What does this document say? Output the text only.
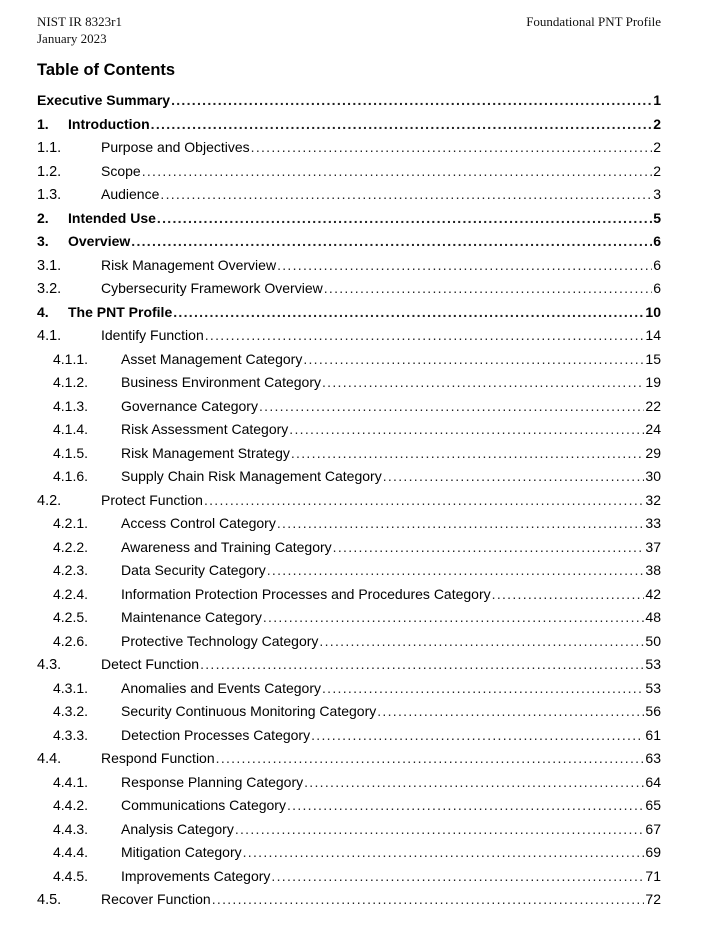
NIST IR 8323r1
January 2023
Foundational PNT Profile
Table of Contents
Executive Summary . . .	1
1.	Introduction . . .	2
1.1.	Purpose and Objectives . . .	2
1.2.	Scope . . .	2
1.3.	Audience . . .	3
2.	Intended Use . . .	5
3.	Overview . . .	6
3.1.	Risk Management Overview . . .	6
3.2.	Cybersecurity Framework Overview . . .	6
4.	The PNT Profile . . .	10
4.1.	Identify Function . . .	14
4.1.1.	Asset Management Category . . .	15
4.1.2.	Business Environment Category . . .	19
4.1.3.	Governance Category . . .	22
4.1.4.	Risk Assessment Category . . .	24
4.1.5.	Risk Management Strategy . . .	29
4.1.6.	Supply Chain Risk Management Category . . .	30
4.2.	Protect Function . . .	32
4.2.1.	Access Control Category . . .	33
4.2.2.	Awareness and Training Category . . .	37
4.2.3.	Data Security Category . . .	38
4.2.4.	Information Protection Processes and Procedures Category . . .	42
4.2.5.	Maintenance Category . . .	48
4.2.6.	Protective Technology Category . . .	50
4.3.	Detect Function . . .	53
4.3.1.	Anomalies and Events Category . . .	53
4.3.2.	Security Continuous Monitoring Category . . .	56
4.3.3.	Detection Processes Category . . .	61
4.4.	Respond Function . . .	63
4.4.1.	Response Planning Category . . .	64
4.4.2.	Communications Category . . .	65
4.4.3.	Analysis Category . . .	67
4.4.4.	Mitigation Category . . .	69
4.4.5.	Improvements Category . . .	71
4.5.	Recover Function . . .	72
